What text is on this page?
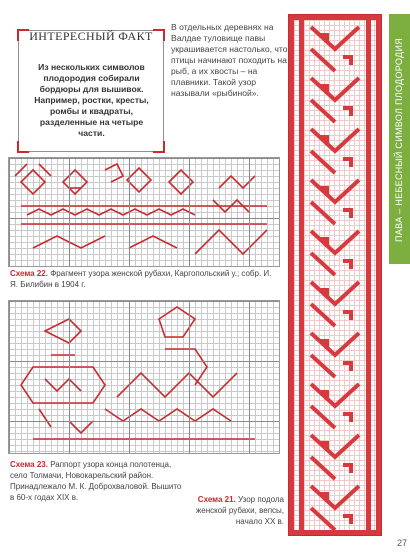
ИНТЕРЕСНЫЙ ФАКТ
Из нескольких символов плодородия собирали бордюры для вышивок. Например, ростки, кресты, ромбы и квадраты, разделенные на четыре части.
В отдельных деревнях на Валдае туловище павы украшивается настолько, что птицы начинают походить на рыб, а их хвосты – на плавники. Такой узор называли «рыбиной».
Схема 22. Фрагмент узора женской рубахи, Каргопольский у.; собр. И. Я. Билибин в 1904 г.
Схема 23. Раппорт узора конца полотенца, село Толмачи, Новокарельский район. Принадлежало М. К. Доброхваловой. Вышито в 60-х годах XIX в.	Схема 21. Узор подола женской рубахи, вепсы, начало XX в.
ПАВА – НЕБЕСНЫЙ СИМВОЛ ПЛОДОРОДИЯ
27
